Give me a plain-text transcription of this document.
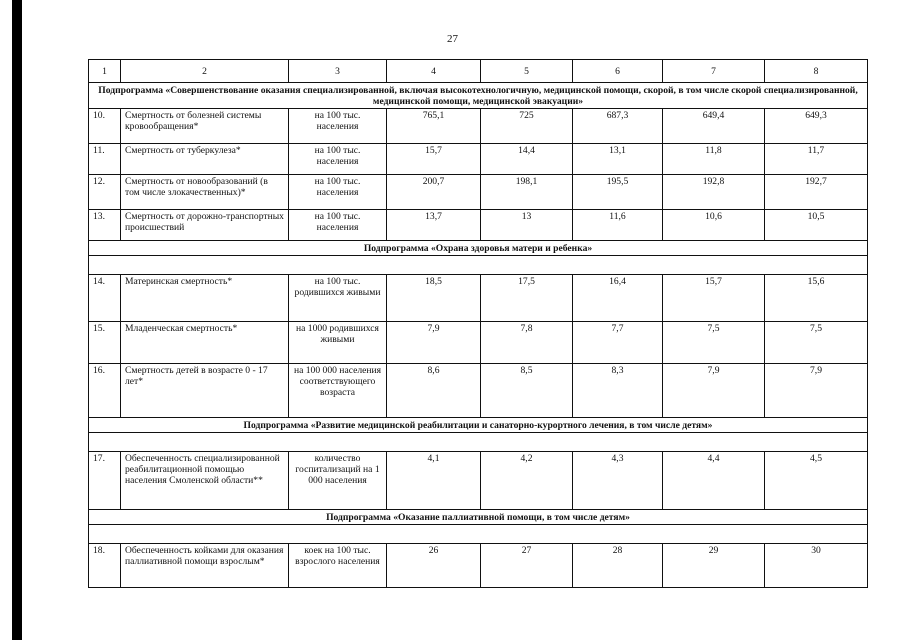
27
1	2	3	4	5	6	7	8
Подпрограмма «Совершенствование оказания специализированной, включая высокотехнологичную, медицинской помощи, скорой, в том числе скорой специализированной, медицинской помощи, медицинской эвакуации»							
10.	Смертность от болезней системы кровообращения*	на 100 тыс. населения	765,1	725	687,3	649,4	649,3
11.	Смертность от туберкулеза*	на 100 тыс. населения	15,7	14,4	13,1	11,8	11,7
12.	Смертность от новообразований (в том числе злокачественных)*	на 100 тыс. населения	200,7	198,1	195,5	192,8	192,7
13.	Смертность от дорожно-транспортных происшествий	на 100 тыс. населения	13,7	13	11,6	10,6	10,5
Подпрограмма «Охрана здоровья матери и ребенка»							

14.	Материнская смертность*	на 100 тыс. родившихся живыми	18,5	17,5	16,4	15,7	15,6
15.	Младенческая смертность*	на 1000 родившихся живыми	7,9	7,8	7,7	7,5	7,5
16.	Смертность детей в возрасте 0 - 17 лет*	на 100 000 населения соответствующего возраста	8,6	8,5	8,3	7,9	7,9
Подпрограмма «Развитие медицинской реабилитации и санаторно-курортного лечения, в том числе детям»							

17.	Обеспеченность специализированной реабилитационной помощью населения Смоленской области**	количество госпитализаций на 1 000 населения	4,1	4,2	4,3	4,4	4,5
Подпрограмма «Оказание паллиативной помощи, в том числе детям»							

18.	Обеспеченность койками для оказания паллиативной помощи взрослым*	коек на 100 тыс. взрослого населения	26	27	28	29	30
